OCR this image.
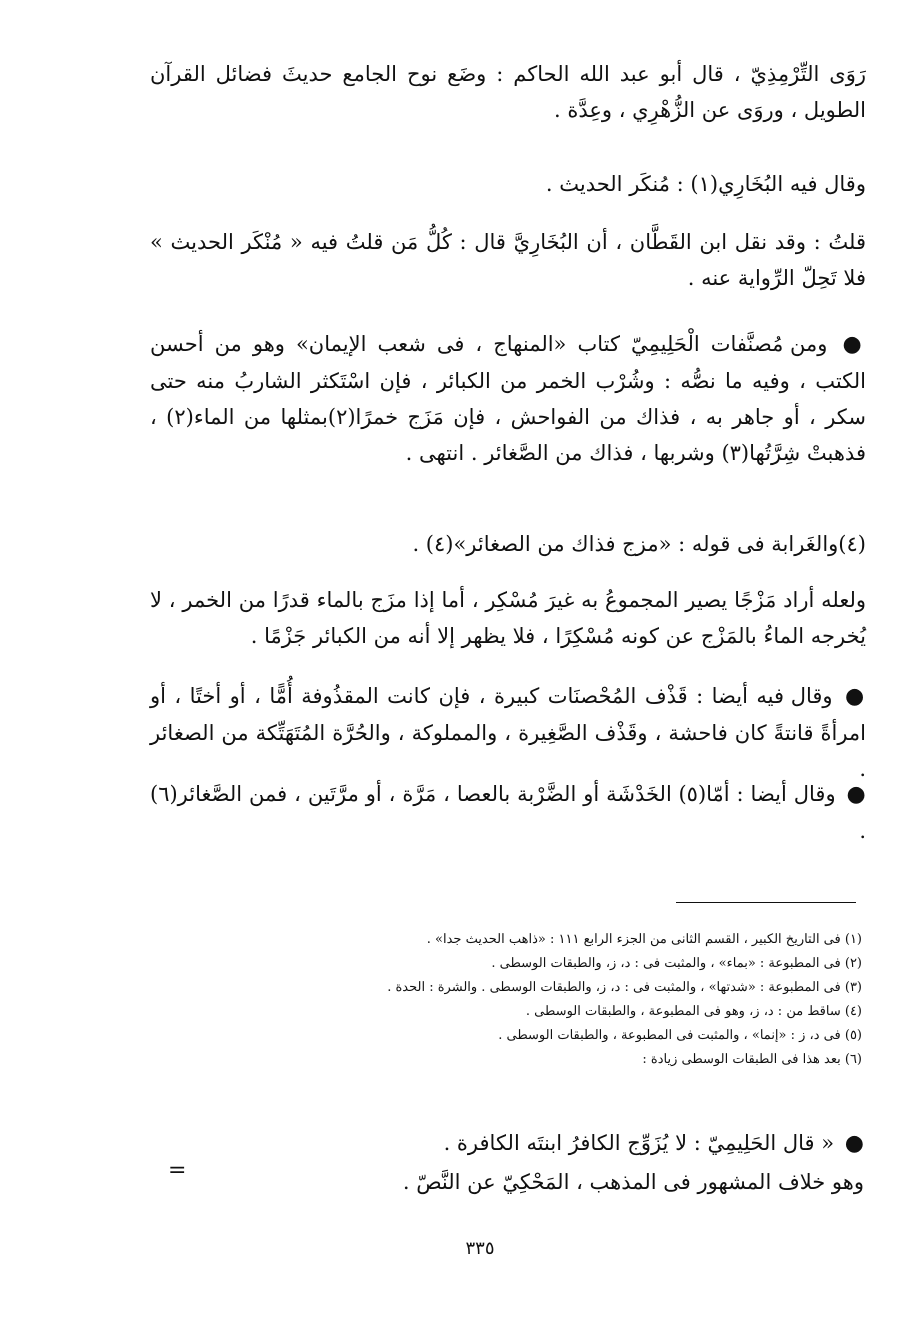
رَوَى التِّرْمِذِيّ ، قال أبو عبد الله الحاكم : وضَع نوح الجامع حديثَ فضائل القرآن الطويل ، وروَى عن الزُّهْرِي ، وعِدَّة .

وقال فيه البُخَارِي(١) : مُنكَر الحديث .

قلتُ : وقد نقل ابن القَطَّان ، أن البُخَارِيَّ قال : كُلُّ مَن قلتُ فيه « مُنْكَر الحديث » فلا تَحِلّ الرِّواية عنه .

● ومن مُصنَّفات الْحَلِيمِيّ كتاب «المنهاج ، فى شعب الإيمان» وهو من أحسن الكتب ، وفيه ما نصُّه : وشُرْب الخمر من الكبائر ، فإن اسْتَكثر الشاربُ منه حتى سكر ، أو جاهر به ، فذاك من الفواحش ، فإن مَزَج خمرًا(٢)بمثلها من الماء(٢) ، فذهبتْ شِرَّتُها(٣) وشربها ، فذاك من الصَّغائر . انتهى .

(٤)والغَرابة فى قوله : «مزج فذاك من الصغائر»(٤) .

ولعله أراد مَزْجًا يصير المجموعُ به غيرَ مُسْكِر ، أما إذا مزَج بالماء قدرًا من الخمر ، لا يُخرجه الماءُ بالمَزْج عن كونه مُسْكِرًا ، فلا يظهر إلا أنه من الكبائر جَزْمًا .

● وقال فيه أيضا : قَذْف المُحْصنَات كبيرة ، فإن كانت المقذُوفة أُمًّا ، أو أختًا ، أو امرأةً قانتةً كان فاحشة ، وقَذْف الصَّغِيرة ، والمملوكة ، والحُرَّة المُتَهَتِّكة من الصغائر .

● وقال أيضا : أمّا(٥) الخَدْشَة أو الضَّرْبة بالعصا ، مَرَّة ، أو مرَّتَين ، فمن الصَّغائر(٦) .

(١) فى التاريخ الكبير ، القسم الثانى من الجزء الرابع ١١١ : «ذاهب الحديث جدا» .
(٢) فى المطبوعة : «بماء» ، والمثبت فى : د، ز، والطبقات الوسطى .
(٣) فى المطبوعة : «شدتها» ، والمثبت فى : د، ز، والطبقات الوسطى . والشرة : الحدة .
(٤) ساقط من : د، ز، وهو فى المطبوعة ، والطبقات الوسطى .
(٥) فى د، ز : «إنما» ، والمثبت فى المطبوعة ، والطبقات الوسطى .
(٦) بعد هذا فى الطبقات الوسطى زيادة :
● « قال الحَلِيمِيّ : لا يُزَوِّج الكافرُ ابنتَه الكافرة .
وهو خلاف المشهور فى المذهب ، المَحْكِيّ عن النَّصّ .
=
٣٣٥
